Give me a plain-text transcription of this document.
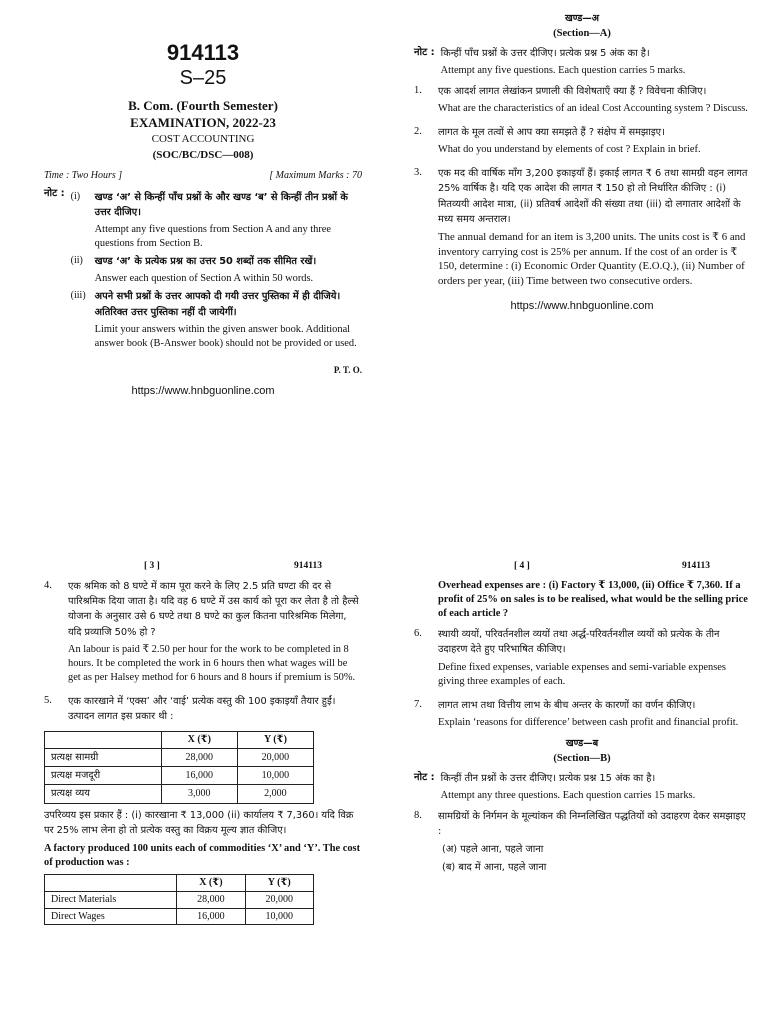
914113
S–25
B. Com. (Fourth Semester)
EXAMINATION, 2022-23
COST ACCOUNTING
(SOC/BC/DSC—008)
Time : Two Hours ]	[ Maximum Marks : 70
नोट : (i)	खण्ड ‘अ’ से किन्हीं पाँच प्रश्नों के और खण्ड ‘ब’ से किन्हीं तीन प्रश्नों के उत्तर दीजिए।
Attempt any five questions from Section A and any three questions from Section B.
(ii)	खण्ड ‘अ’ के प्रत्येक प्रश्न का उत्तर 50 शब्दों तक सीमित रखें।
Answer each question of Section A within 50 words.
(iii) अपने सभी प्रश्नों के उत्तर आपको दी गयी उत्तर पुस्तिका में ही दीजिये। अतिरिक्त उत्तर पुस्तिका नहीं दी जायेगीं।
Limit your answers within the given answer book. Additional answer book (B-Answer book) should not be provided or used.
P. T. O.
https://www.hnbguonline.com
खण्ड—अ
(Section—A)
नोट : किन्हीं पाँच प्रश्नों के उत्तर दीजिए। प्रत्येक प्रश्न 5 अंक का है।
Attempt any five questions. Each question carries 5 marks.
1.	एक आदर्श लागत लेखांकन प्रणाली की विशेषताएँ क्या हैं ? विवेचना कीजिए।

What are the characteristics of an ideal Cost Accounting system ? Discuss.

2.	लागत के मूल तत्वों से आप क्या समझते हैं ? संक्षेप में समझाइए।

What do you understand by elements of cost ? Explain in brief.

3.	एक मद की वार्षिक माँग 3,200 इकाइयाँ हैं। इकाई लागत ₹ 6 तथा सामग्री वहन लागत 25% वार्षिक है। यदि एक आदेश की लागत ₹ 150 हो तो निर्धारित कीजिए : (i) मितव्ययी आदेश मात्रा, (ii) प्रतिवर्ष आदेशों की संख्या तथा (iii) दो लगातार आदेशों के मध्य समय अन्तराल।

The annual demand for an item is 3,200 units. The units cost is ₹ 6 and inventory carrying cost is 25% per annum. If the cost of an order is ₹ 150, determine : (i) Economic Order Quantity (E.O.Q.), (ii) Number of orders per year, (iii) Time between two consecutive orders.

https://www.hnbguonline.com
[ 3 ]	914113
4.	एक श्रमिक को 8 घण्टे में काम पूरा करने के लिए 2.5 प्रति घण्टा की दर से पारिश्रमिक दिया जाता है। यदि वह 6 घण्टे में उस कार्य को पूरा कर लेता है तो हैल्से योजना के अनुसार उसे 6 घण्टे तथा 8 घण्टे का कुल कितना पारिश्रमिक मिलेगा, यदि प्रव्याजि 50% हो ?

An labour is paid ₹ 2.50 per hour for the work to be completed in 8 hours. It be completed the work in 6 hours then what wages will be get as per Halsey method for 6 hours and 8 hours if premium is 50%.

5.	एक कारखाने में ‘एक्स’ और ‘वाई’ प्रत्येक वस्तु की 100 इकाइयाँ तैयार हुईं। उत्पादन लागत इस प्रकार थी :

	X (₹)	Y (₹)
प्रत्यक्ष सामग्री	28,000	20,000
प्रत्यक्ष मजदूरी	16,000	10,000
प्रत्यक्ष व्यय	3,000	2,000

उपरिव्यय इस प्रकार हैं : (i) कारखाना ₹ 13,000 (ii) कार्यालय ₹ 7,360। यदि विक्र पर 25% लाभ लेना हो तो प्रत्येक वस्तु का विक्रय मूल्य ज्ञात कीजिए।

A factory produced 100 units each of commodities ‘X’ and ‘Y’. The cost of production was :

	X (₹)	Y (₹)
Direct Materials	28,000	20,000
Direct Wages	16,000	10,000
[ 4 ]	914113

Overhead expenses are : (i) Factory ₹ 13,000, (ii) Office ₹ 7,360. If a profit of 25% on sales is to be realised, what would be the selling price of each article ?

6.	स्थायी व्ययों, परिवर्तनशील व्ययों तथा अर्द्ध-परिवर्तनशील व्ययों को प्रत्येक के तीन उदाहरण देते हुए परिभाषित कीजिए।

Define fixed expenses, variable expenses and semi-variable expenses giving three examples of each.

7.	लागत लाभ तथा वित्तीय लाभ के बीच अन्तर के कारणों का वर्णन कीजिए।

Explain ‘reasons for difference’ between cash profit and financial profit.

खण्ड—ब
(Section—B)
नोट : किन्हीं तीन प्रश्नों के उत्तर दीजिए। प्रत्येक प्रश्न 15 अंक का है।
Attempt any three questions. Each question carries 15 marks.
8.	सामग्रियों के निर्गमन के मूल्यांकन की निम्नलिखित पद्धतियों को उदाहरण देकर समझाइए :

(अ) पहले आना, पहले जाना

(ब) बाद में आना, पहले जाना
